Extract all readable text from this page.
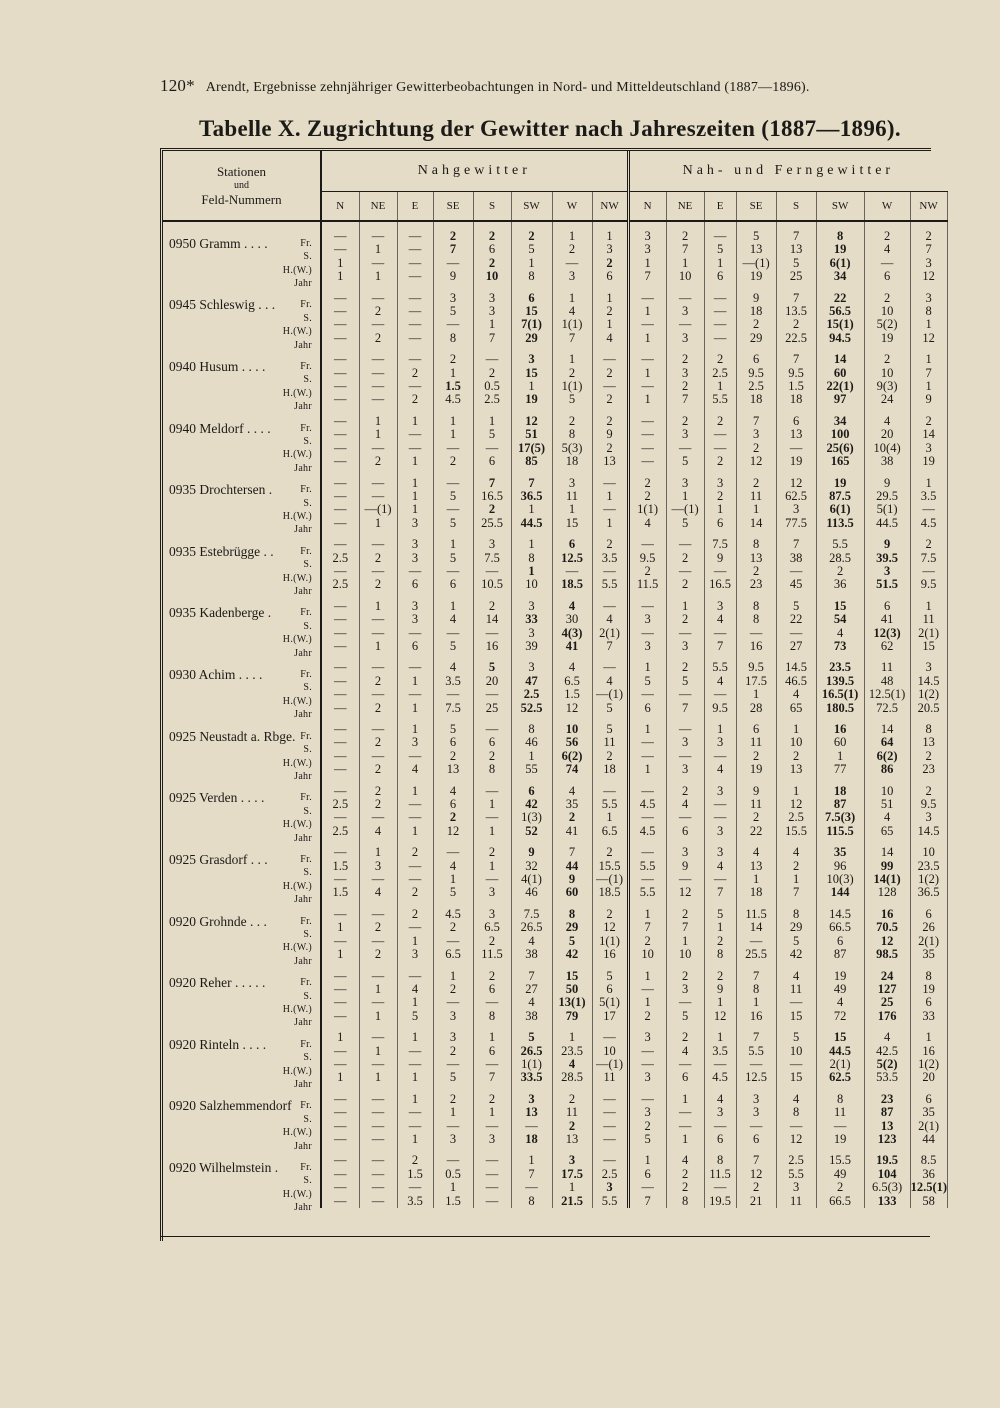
120* Arendt, Ergebnisse zehnjähriger Gewitterbeobachtungen in Nord- und Mitteldeutschland (1887—1896).
Tabelle X. Zugrichtung der Gewitter nach Jahreszeiten (1887—1896).
Stationen
und
Feld-Nummern	Nahgewitter								Nah- und Ferngewitter							
	N	NE	E	SE	S	SW	W	NW	N	NE	E	SE	S	SW	W	NW

0950 Gramm . . . . Fr.	—	—	—	2	2	2	1	1	3	2	—	5	7	8	2	2

S.	—	1	—	7	6	5	2	3	3	7	5	13	13	19	4	7

H.(W.)	1	—	—	—	2	1	—	2	1	1	1	—(1)	5	6(1)	—	3

Jahr	1	1	—	9	10	8	3	6	7	10	6	19	25	34	6	12

0945 Schleswig . . . Fr.	—	—	—	3	3	6	1	1	—	—	—	9	7	22	2	3

S.	—	2	—	5	3	15	4	2	1	3	—	18	13.5	56.5	10	8

H.(W.)	—	—	—	—	1	7(1)	1(1)	1	—	—	—	2	2	15(1)	5(2)	1

Jahr	—	2	—	8	7	29	7	4	1	3	—	29	22.5	94.5	19	12

0940 Husum . . . . Fr.	—	—	—	2	—	3	1	—	—	2	2	6	7	14	2	1

S.	—	—	2	1	2	15	2	2	1	3	2.5	9.5	9.5	60	10	7

H.(W.)	—	—	—	1.5	0.5	1	1(1)	—	—	2	1	2.5	1.5	22(1)	9(3)	1

Jahr	—	—	2	4.5	2.5	19	5	2	1	7	5.5	18	18	97	24	9

0940 Meldorf . . . . Fr.	—	1	1	1	1	12	2	2	—	2	2	7	6	34	4	2

S.	—	1	—	1	5	51	8	9	—	3	—	3	13	100	20	14

H.(W.)	—	—	—	—	—	17(5)	5(3)	2	—	—	—	2	—	25(6)	10(4)	3

Jahr	—	2	1	2	6	85	18	13	—	5	2	12	19	165	38	19

0935 Drochtersen . Fr.	—	—	1	—	7	7	3	—	2	3	3	2	12	19	9	1

S.	—	—	1	5	16.5	36.5	11	1	2	1	2	11	62.5	87.5	29.5	3.5

H.(W.)	—	—(1)	1	—	2	1	1	—	1(1)	—(1)	1	1	3	6(1)	5(1)	—

Jahr	—	1	3	5	25.5	44.5	15	1	4	5	6	14	77.5	113.5	44.5	4.5

0935 Estebrügge . . Fr.	—	—	3	1	3	1	6	2	—	—	7.5	8	7	5.5	9	2

S.	2.5	2	3	5	7.5	8	12.5	3.5	9.5	2	9	13	38	28.5	39.5	7.5

H.(W.)	—	—	—	—	—	1	—	—	2	—	—	2	—	2	3	—

Jahr	2.5	2	6	6	10.5	10	18.5	5.5	11.5	2	16.5	23	45	36	51.5	9.5

0935 Kadenberge . Fr.	—	1	3	1	2	3	4	—	—	1	3	8	5	15	6	1

S.	—	—	3	4	14	33	30	4	3	2	4	8	22	54	41	11

H.(W.)	—	—	—	—	—	3	4(3)	2(1)	—	—	—	—	—	4	12(3)	2(1)

Jahr	—	1	6	5	16	39	41	7	3	3	7	16	27	73	62	15

0930 Achim . . . . Fr.	—	—	—	4	5	3	4	—	1	2	5.5	9.5	14.5	23.5	11	3

S.	—	2	1	3.5	20	47	6.5	4	5	5	4	17.5	46.5	139.5	48	14.5

H.(W.)	—	—	—	—	—	2.5	1.5	—(1)	—	—	—	1	4	16.5(1)	12.5(1)	1(2)

Jahr	—	2	1	7.5	25	52.5	12	5	6	7	9.5	28	65	180.5	72.5	20.5

0925 Neustadt a. Rbge. Fr.	—	—	1	5	—	8	10	5	1	—	1	6	1	16	14	8

S.	—	2	3	6	6	46	56	11	—	3	3	11	10	60	64	13

H.(W.)	—	—	—	2	2	1	6(2)	2	—	—	—	2	2	1	6(2)	2

Jahr	—	2	4	13	8	55	74	18	1	3	4	19	13	77	86	23

0925 Verden . . . . Fr.	—	2	1	4	—	6	4	—	—	2	3	9	1	18	10	2

S.	2.5	2	—	6	1	42	35	5.5	4.5	4	—	11	12	87	51	9.5

H.(W.)	—	—	—	2	—	1(3)	2	1	—	—	—	2	2.5	7.5(3)	4	3

Jahr	2.5	4	1	12	1	52	41	6.5	4.5	6	3	22	15.5	115.5	65	14.5

0925 Grasdorf . . . Fr.	—	1	2	—	2	9	7	2	—	3	3	4	4	35	14	10

S.	1.5	3	—	4	1	32	44	15.5	5.5	9	4	13	2	96	99	23.5

H.(W.)	—	—	—	1	—	4(1)	9	—(1)	—	—	—	1	1	10(3)	14(1)	1(2)

Jahr	1.5	4	2	5	3	46	60	18.5	5.5	12	7	18	7	144	128	36.5

0920 Grohnde . . . Fr.	—	—	2	4.5	3	7.5	8	2	1	2	5	11.5	8	14.5	16	6

S.	1	2	—	2	6.5	26.5	29	12	7	7	1	14	29	66.5	70.5	26

H.(W.)	—	—	1	—	2	4	5	1(1)	2	1	2	—	5	6	12	2(1)

Jahr	1	2	3	6.5	11.5	38	42	16	10	10	8	25.5	42	87	98.5	35

0920 Reher . . . . . Fr.	—	—	—	1	2	7	15	5	1	2	2	7	4	19	24	8

S.	—	1	4	2	6	27	50	6	—	3	9	8	11	49	127	19

H.(W.)	—	—	1	—	—	4	13(1)	5(1)	1	—	1	1	—	4	25	6

Jahr	—	1	5	3	8	38	79	17	2	5	12	16	15	72	176	33

0920 Rinteln . . . . Fr.	1	—	1	3	1	5	1	—	3	2	1	7	5	15	4	1

S.	—	1	—	2	6	26.5	23.5	10	—	4	3.5	5.5	10	44.5	42.5	16

H.(W.)	—	—	—	—	—	1(1)	4	—(1)	—	—	—	—	—	2(1)	5(2)	1(2)

Jahr	1	1	1	5	7	33.5	28.5	11	3	6	4.5	12.5	15	62.5	53.5	20

0920 Salzhemmendorf Fr.	—	—	1	2	2	3	2	—	—	1	4	3	4	8	23	6

S.	—	—	—	1	1	13	11	—	3	—	3	3	8	11	87	35

H.(W.)	—	—	—	—	—	—	2	—	2	—	—	—	—	—	13	2(1)

Jahr	—	—	1	3	3	18	13	—	5	1	6	6	12	19	123	44

0920 Wilhelmstein . Fr.	—	—	2	—	—	1	3	—	1	4	8	7	2.5	15.5	19.5	8.5

S.	—	—	1.5	0.5	—	7	17.5	2.5	6	2	11.5	12	5.5	49	104	36

H.(W.)	—	—	—	1	—	—	1	3	—	2	—	2	3	2	6.5(3)	12.5(1)

Jahr	—	—	3.5	1.5	—	8	21.5	5.5	7	8	19.5	21	11	66.5	133	58
